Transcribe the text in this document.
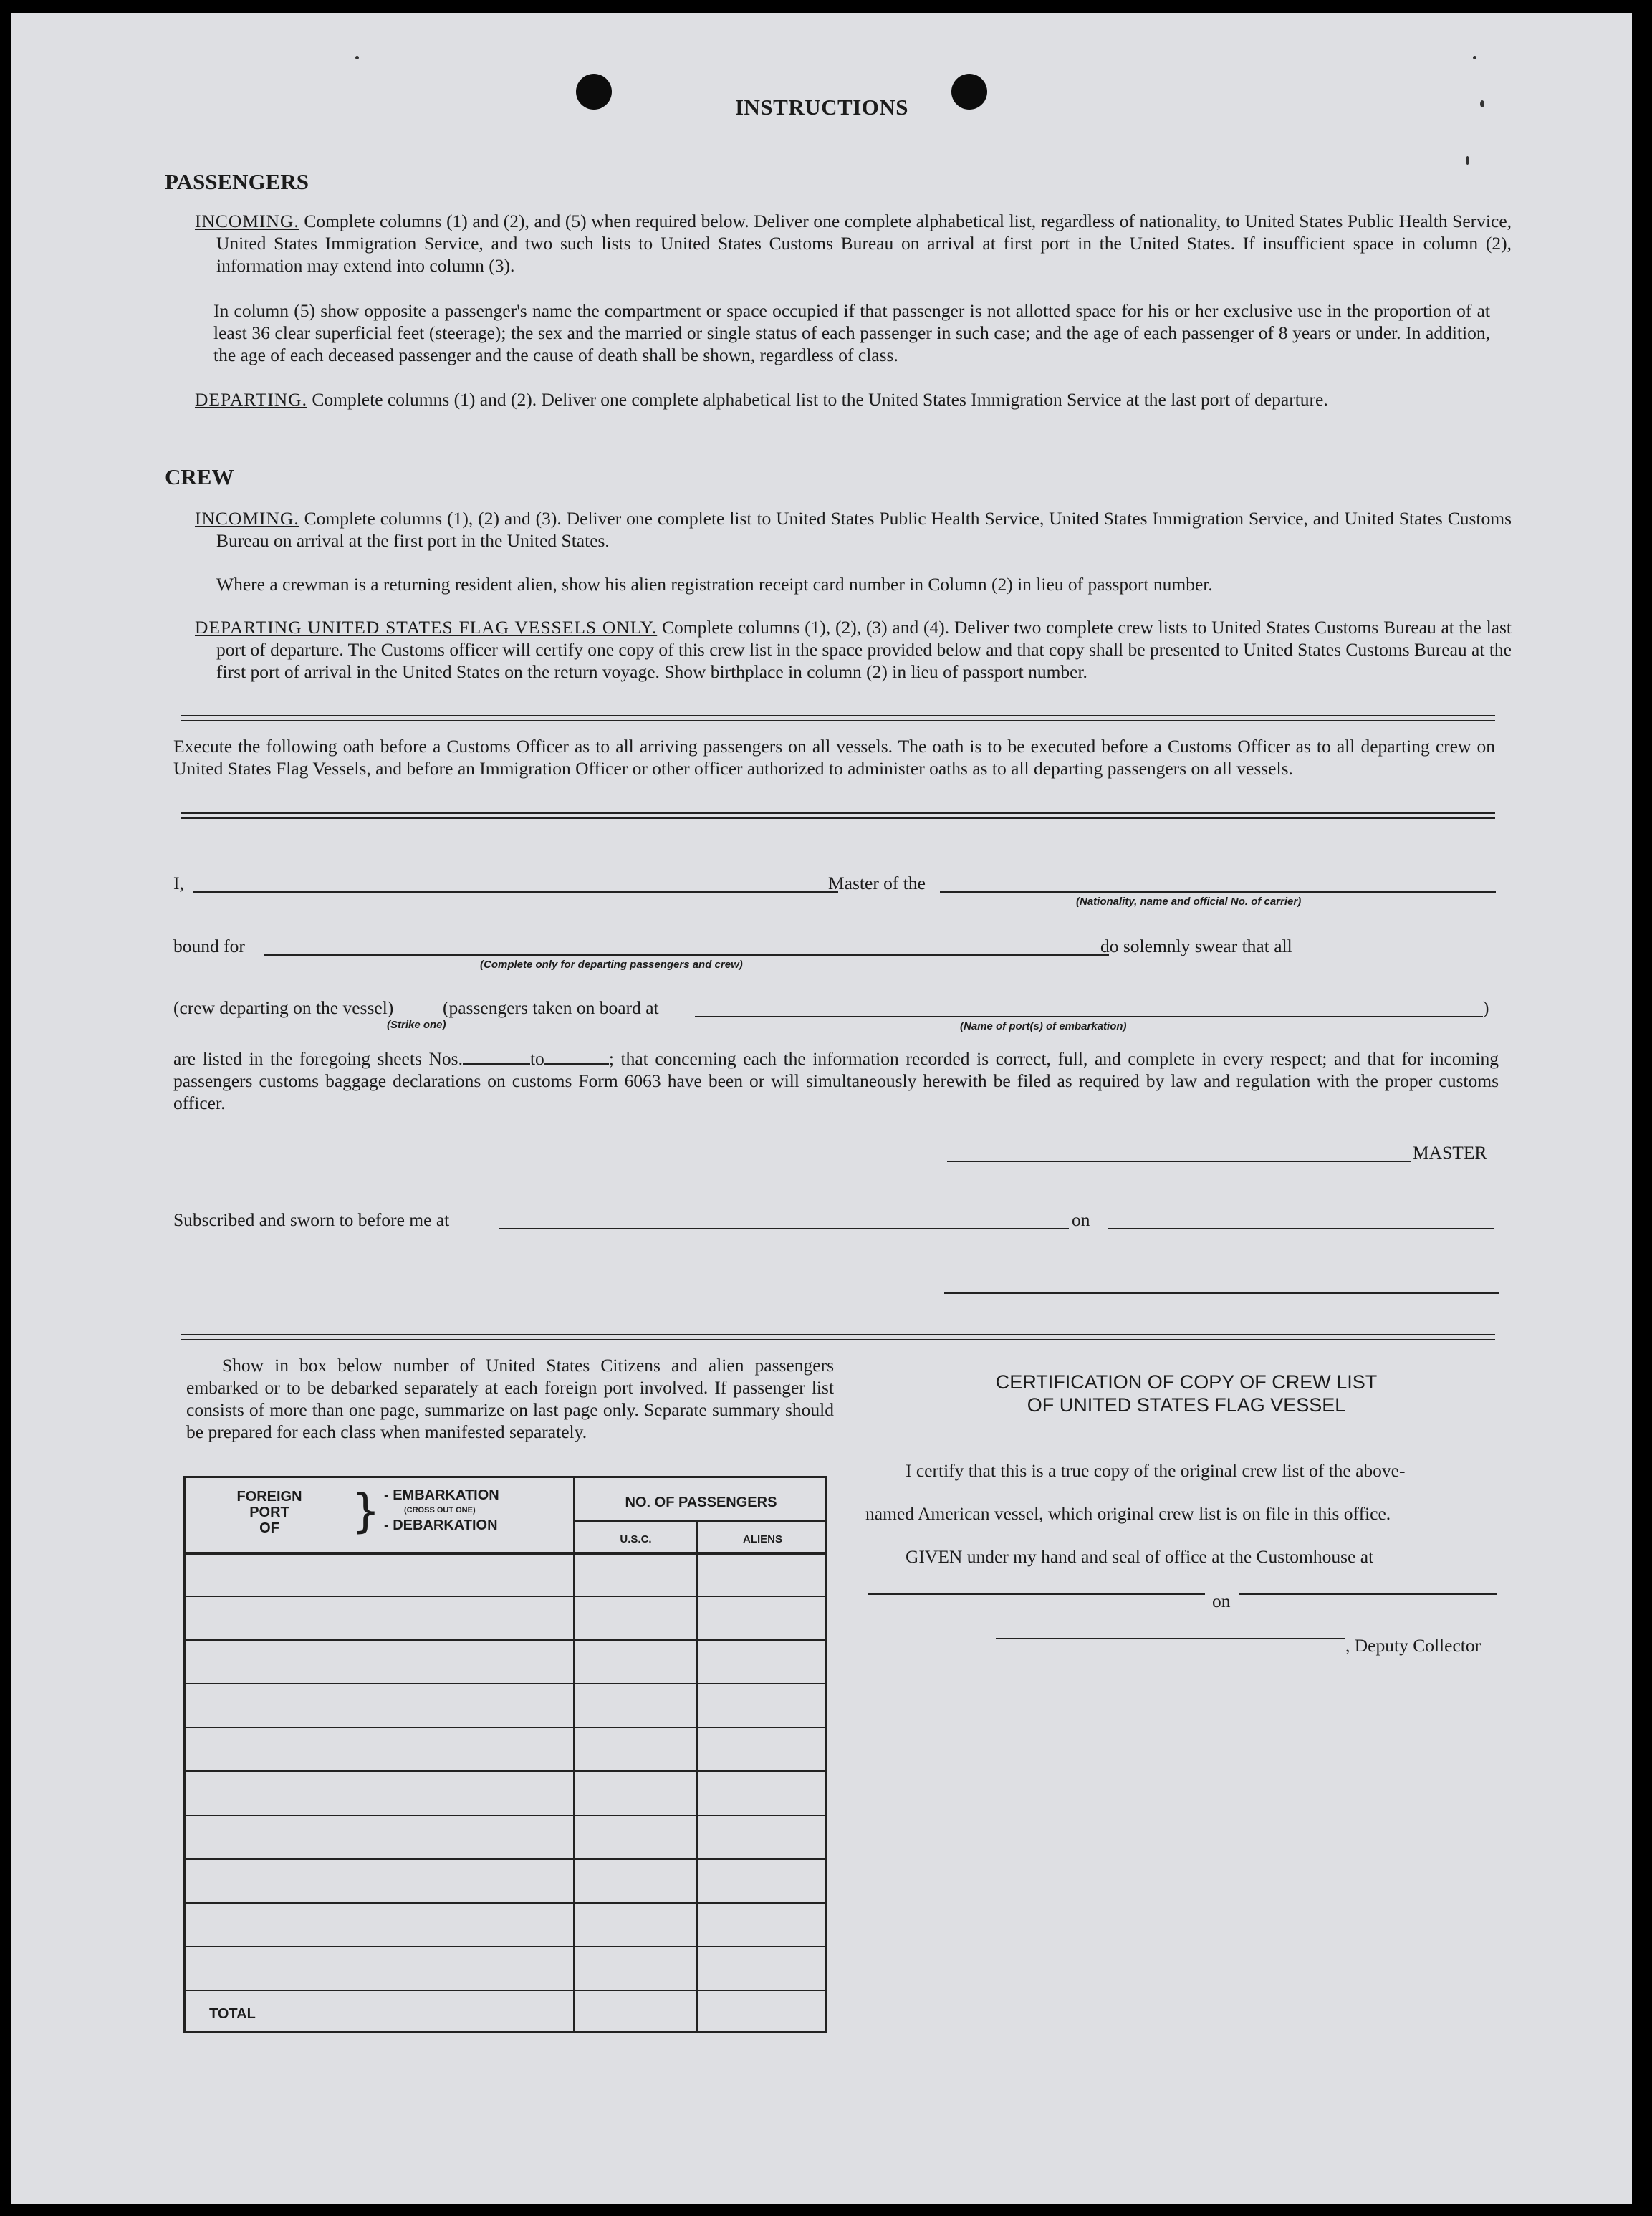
INSTRUCTIONS
PASSENGERS
INCOMING. Complete columns (1) and (2), and (5) when required below. Deliver one complete alphabetical list, regardless of nationality, to United States Public Health Service, United States Immigration Service, and two such lists to United States Customs Bureau on arrival at first port in the United States. If insufficient space in column (2), information may extend into column (3).
In column (5) show opposite a passenger's name the compartment or space occupied if that passenger is not allotted space for his or her exclusive use in the proportion of at least 36 clear superficial feet (steerage); the sex and the married or single status of each passenger in such case; and the age of each passenger of 8 years or under. In addition, the age of each deceased passenger and the cause of death shall be shown, regardless of class.
DEPARTING. Complete columns (1) and (2). Deliver one complete alphabetical list to the United States Immigration Service at the last port of departure.
CREW
INCOMING. Complete columns (1), (2) and (3). Deliver one complete list to United States Public Health Service, United States Immigration Service, and United States Customs Bureau on arrival at the first port in the United States.
Where a crewman is a returning resident alien, show his alien registration receipt card number in Column (2) in lieu of passport number.
DEPARTING UNITED STATES FLAG VESSELS ONLY. Complete columns (1), (2), (3) and (4). Deliver two complete crew lists to United States Customs Bureau at the last port of departure. The Customs officer will certify one copy of this crew list in the space provided below and that copy shall be presented to United States Customs Bureau at the first port of arrival in the United States on the return voyage. Show birthplace in column (2) in lieu of passport number.
Execute the following oath before a Customs Officer as to all arriving passengers on all vessels. The oath is to be executed before a Customs Officer as to all departing crew on United States Flag Vessels, and before an Immigration Officer or other officer authorized to administer oaths as to all departing passengers on all vessels.
I,	Master of the
(Nationality, name and official No. of carrier)
bound for
(Complete only for departing passengers and crew)
do solemnly swear that all
(crew departing on the vessel)
(Strike one)
(passengers taken on board at
(Name of port(s) of embarkation)
)
are listed in the foregoing sheets Nos.	to	; that concerning each the information recorded is correct, full, and complete in every respect; and that for incoming passengers customs baggage declarations on customs Form 6063 have been or will simultaneously herewith be filed as required by law and regulation with the proper customs officer.
MASTER
Subscribed and sworn to before me at	on
Show in box below number of United States Citizens and alien passengers embarked or to be debarked separately at each foreign port involved. If passenger list consists of more than one page, summarize on last page only. Separate summary should be prepared for each class when manifested separately.
FOREIGN
PORT
OF	} - EMBARKATION
(CROSS OUT ONE)
- DEBARKATION
NO. OF PASSENGERS
U.S.C.	ALIENS
TOTAL
CERTIFICATION OF COPY OF CREW LIST
OF UNITED STATES FLAG VESSEL
I certify that this is a true copy of the original crew list of the above-
named American vessel, which original crew list is on file in this office.
GIVEN under my hand and seal of office at the Customhouse at
on
, Deputy Collector
